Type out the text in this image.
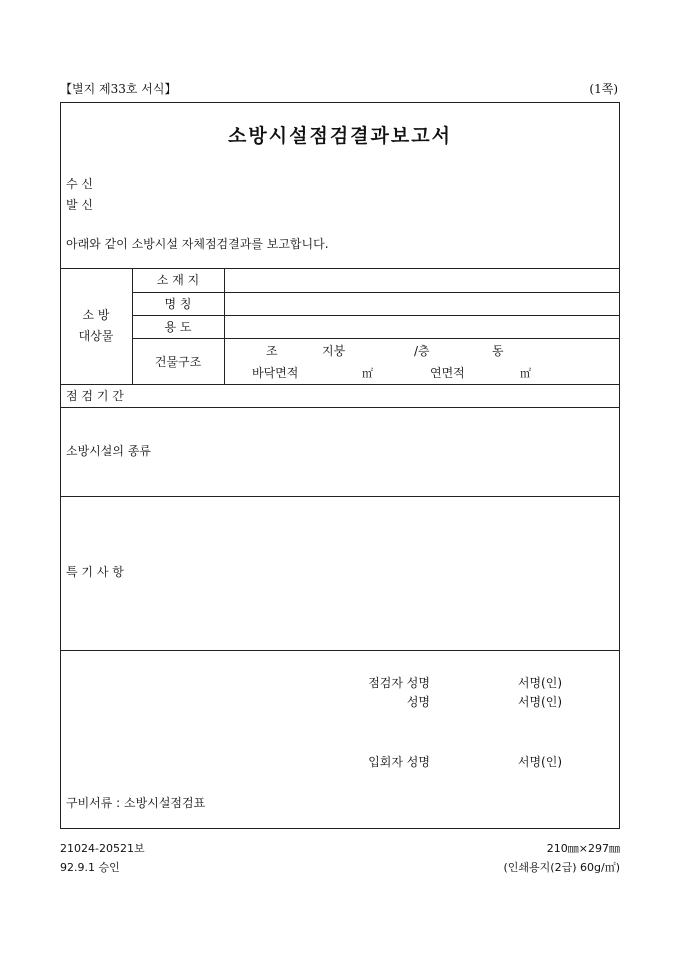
【별지 제33호 서식】	(1쪽)
소방시설점검결과보고서
수 신
발 신
아래와 같이 소방시설 자체점검결과를 보고합니다.
소 방
대상물
소 재 지
명 칭
용 도
건물구조
조	지붕	/층	동
바닥면적	㎡	연면적	㎡
점 검 기 간
소방시설의 종류
특 기 사 항
점검자 성명	서명(인)
성명	서명(인)
입회자 성명	서명(인)
구비서류 : 소방시설점검표
21024-20521보
92.9.1 승인
210㎜×297㎜
(인쇄용지(2급) 60g/㎡)
